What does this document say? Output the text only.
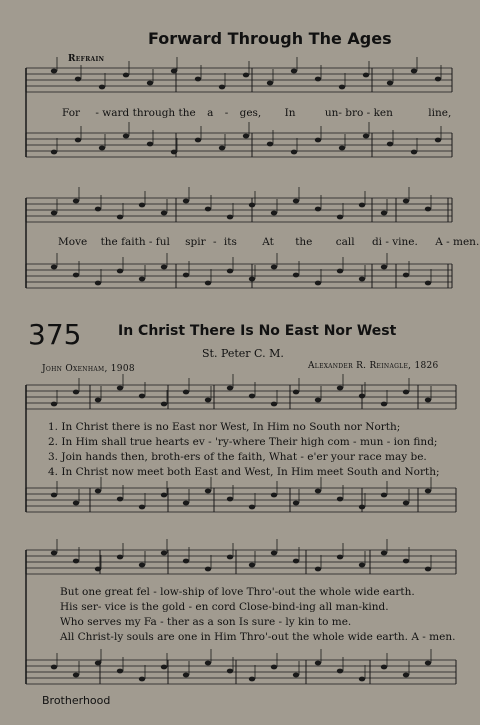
Forward Through The Ages
Refrain
For - ward through the a - ges, In	un- bro - ken	line,
Move the faith - ful spir - its At the call di - vine. A - men.
375	In Christ There Is No East Nor West
St. Peter C. M.
John Oxenham, 1908	Alexander R. Reinagle, 1826
1. In Christ there is no East nor West, In Him no South nor North;
2. In Him shall true hearts ev - 'ry-where Their high com - mun - ion find;
3. Join hands then, broth-ers of the faith, What - e'er your race may be.
4. In Christ now meet both East and West, In Him meet South and North;
But one great fel - low-ship of love Thro'-out the whole wide earth.
His ser- vice is the gold - en cord Close-bind-ing all man-kind.
Who serves my Fa - ther as a son Is sure - ly kin to me.
All Christ-ly souls are one in Him Thro'-out the whole wide earth. A - men.
Brotherhood
